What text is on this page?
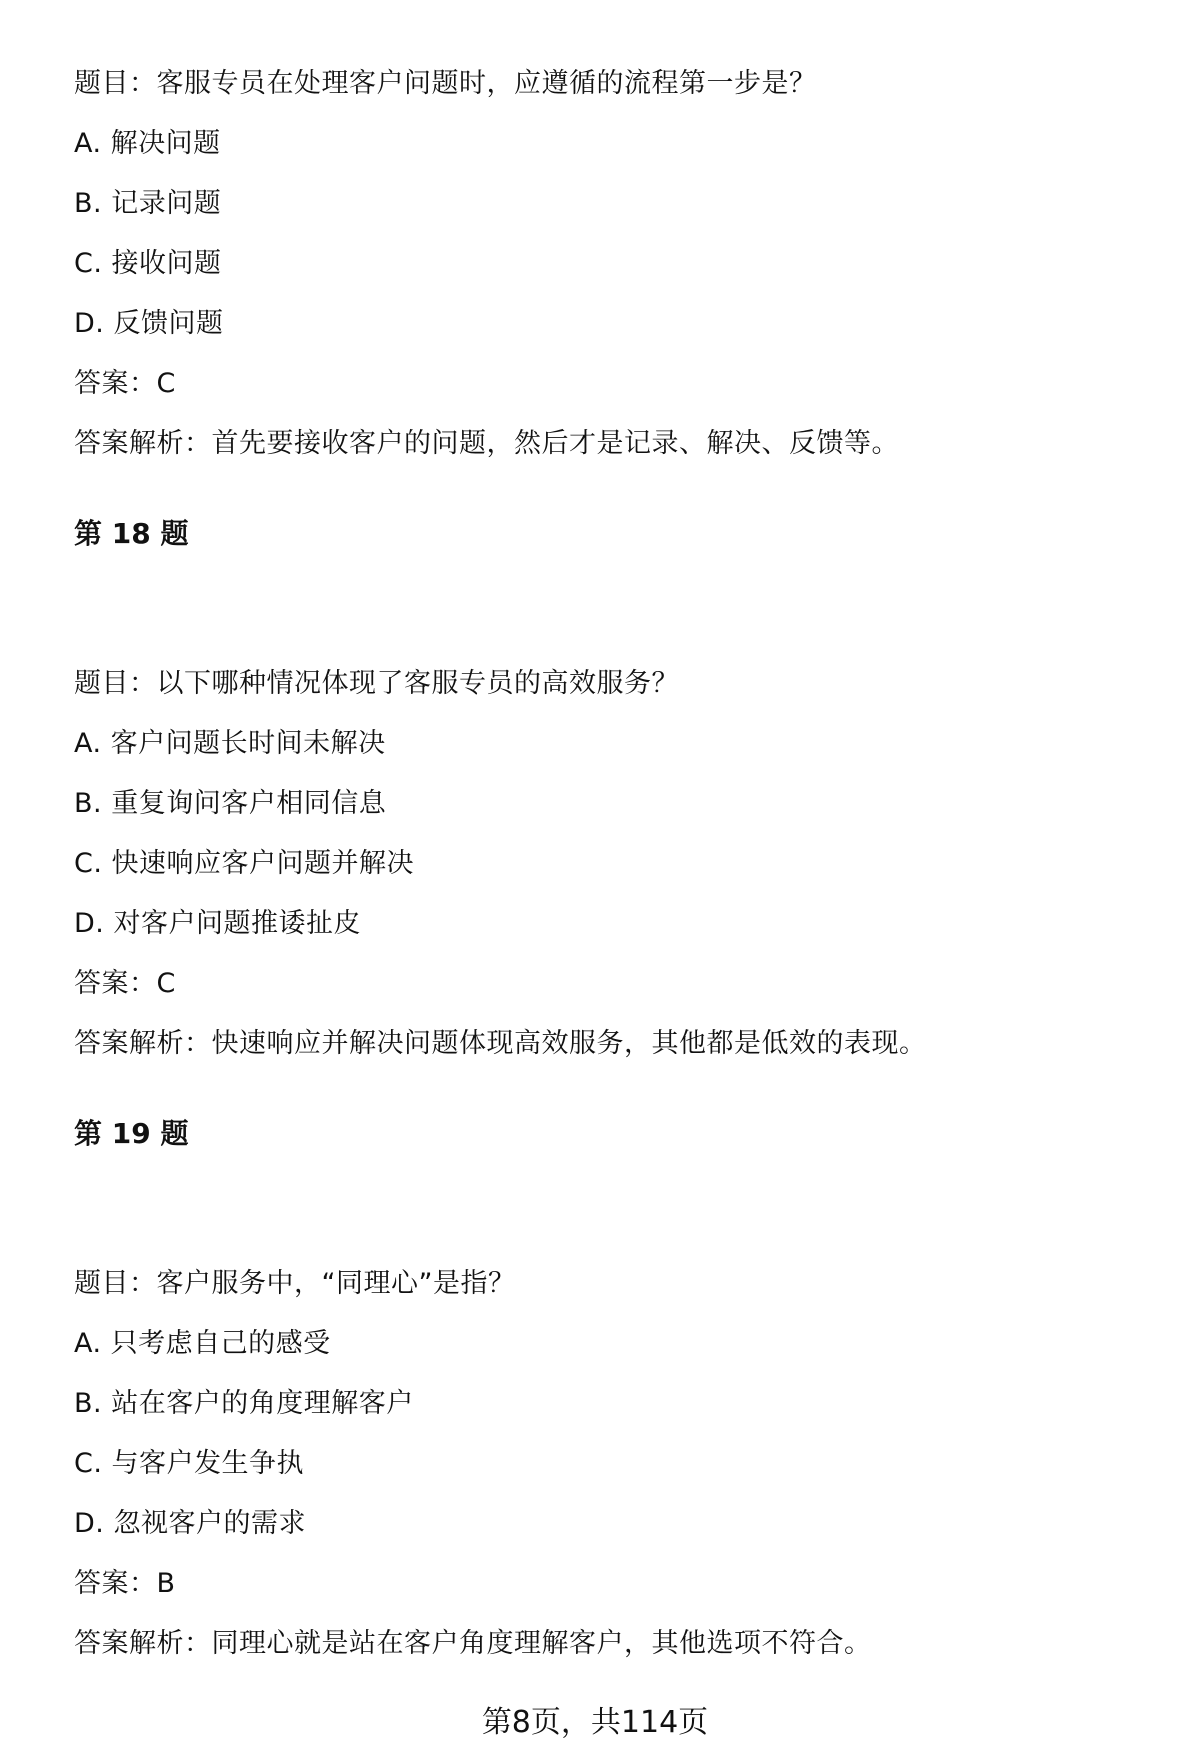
题目：客服专员在处理客户问题时，应遵循的流程第一步是？
A. 解决问题
B. 记录问题
C. 接收问题
D. 反馈问题
答案：C
答案解析：首先要接收客户的问题，然后才是记录、解决、反馈等。
第 18 题
题目：以下哪种情况体现了客服专员的高效服务？
A. 客户问题长时间未解决
B. 重复询问客户相同信息
C. 快速响应客户问题并解决
D. 对客户问题推诿扯皮
答案：C
答案解析：快速响应并解决问题体现高效服务，其他都是低效的表现。
第 19 题
题目：客户服务中，“同理心”是指？
A. 只考虑自己的感受
B. 站在客户的角度理解客户
C. 与客户发生争执
D. 忽视客户的需求
答案：B
答案解析：同理心就是站在客户角度理解客户，其他选项不符合。
第8页，共114页
